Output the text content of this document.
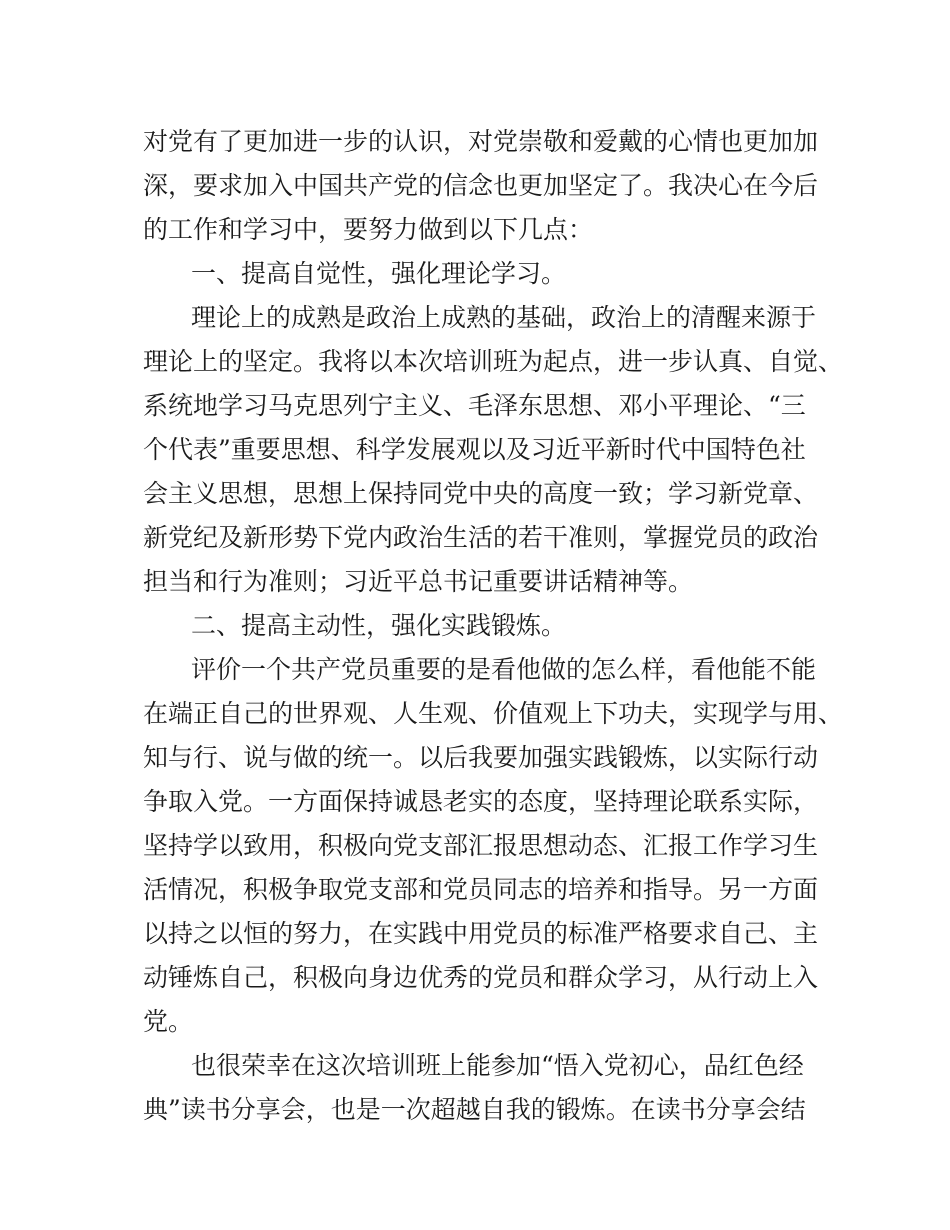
对党有了更加进一步的认识，对党崇敬和爱戴的心情也更加加
深，要求加入中国共产党的信念也更加坚定了。我决心在今后
的工作和学习中，要努力做到以下几点：
一、提高自觉性，强化理论学习。
理论上的成熟是政治上成熟的基础，政治上的清醒来源于
理论上的坚定。我将以本次培训班为起点，进一步认真、自觉、
系统地学习马克思列宁主义、毛泽东思想、邓小平理论、“三
个代表”重要思想、科学发展观以及习近平新时代中国特色社
会主义思想，思想上保持同党中央的高度一致；学习新党章、
新党纪及新形势下党内政治生活的若干准则，掌握党员的政治
担当和行为准则；习近平总书记重要讲话精神等。
二、提高主动性，强化实践锻炼。
评价一个共产党员重要的是看他做的怎么样，看他能不能
在端正自己的世界观、人生观、价值观上下功夫，实现学与用、
知与行、说与做的统一。以后我要加强实践锻炼，以实际行动
争取入党。一方面保持诚恳老实的态度，坚持理论联系实际，
坚持学以致用，积极向党支部汇报思想动态、汇报工作学习生
活情况，积极争取党支部和党员同志的培养和指导。另一方面
以持之以恒的努力，在实践中用党员的标准严格要求自己、主
动锤炼自己，积极向身边优秀的党员和群众学习，从行动上入
党。
也很荣幸在这次培训班上能参加“悟入党初心，品红色经
典”读书分享会，也是一次超越自我的锻炼。在读书分享会结
